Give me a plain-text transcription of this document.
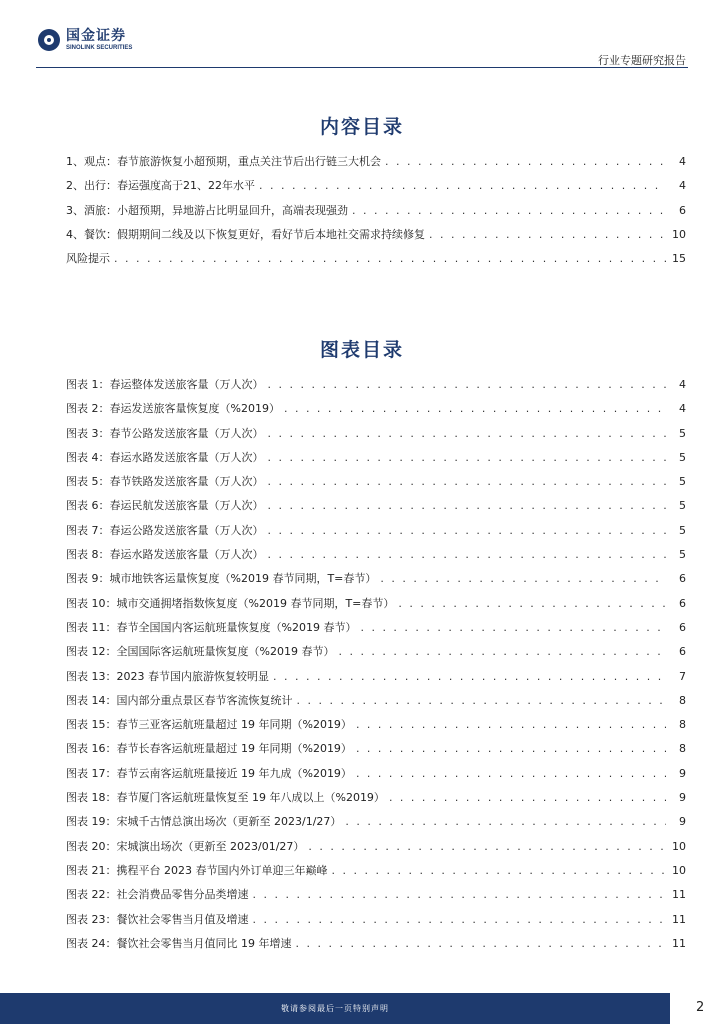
国金证券
SINOLINK SECURITIES
行业专题研究报告
内容目录
1、观点：春节旅游恢复小超预期，重点关注节后出行链三大机会 . . .	4
2、出行：春运强度高于21、22年水平 . . .	4
3、酒旅：小超预期，异地游占比明显回升，高端表现强劲 . . .	6
4、餐饮：假期期间二线及以下恢复更好，看好节后本地社交需求持续修复 . . .	10
风险提示 . . .	15
图表目录
图表 1： 春运整体发送旅客量（万人次） . . .	4
图表 2： 春运发送旅客量恢复度（%2019） . . .	4
图表 3： 春节公路发送旅客量（万人次） . . .	5
图表 4： 春运水路发送旅客量（万人次） . . .	5
图表 5： 春节铁路发送旅客量（万人次） . . .	5
图表 6： 春运民航发送旅客量（万人次） . . .	5
图表 7： 春运公路发送旅客量（万人次） . . .	5
图表 8： 春运水路发送旅客量（万人次） . . .	5
图表 9： 城市地铁客运量恢复度（%2019 春节同期，T=春节） . . .	6
图表 10： 城市交通拥堵指数恢复度（%2019 春节同期，T=春节） . . .	6
图表 11： 春节全国国内客运航班量恢复度（%2019 春节） . . .	6
图表 12： 全国国际客运航班量恢复度（%2019 春节） . . .	6
图表 13： 2023 春节国内旅游恢复较明显 . . .	7
图表 14： 国内部分重点景区春节客流恢复统计 . . .	8
图表 15： 春节三亚客运航班量超过 19 年同期（%2019） . . .	8
图表 16： 春节长春客运航班量超过 19 年同期（%2019） . . .	8
图表 17： 春节云南客运航班量接近 19 年九成（%2019） . . .	9
图表 18： 春节厦门客运航班量恢复至 19 年八成以上（%2019） . . .	9
图表 19： 宋城千古情总演出场次（更新至 2023/1/27） . . .	9
图表 20： 宋城演出场次（更新至 2023/01/27） . . .	10
图表 21： 携程平台 2023 春节国内外订单迎三年巅峰 . . .	10
图表 22： 社会消费品零售分品类增速 . . .	11
图表 23： 餐饮社会零售当月值及增速 . . .	11
图表 24： 餐饮社会零售当月值同比 19 年增速 . . .	11
敬请参阅最后一页特别声明	2
